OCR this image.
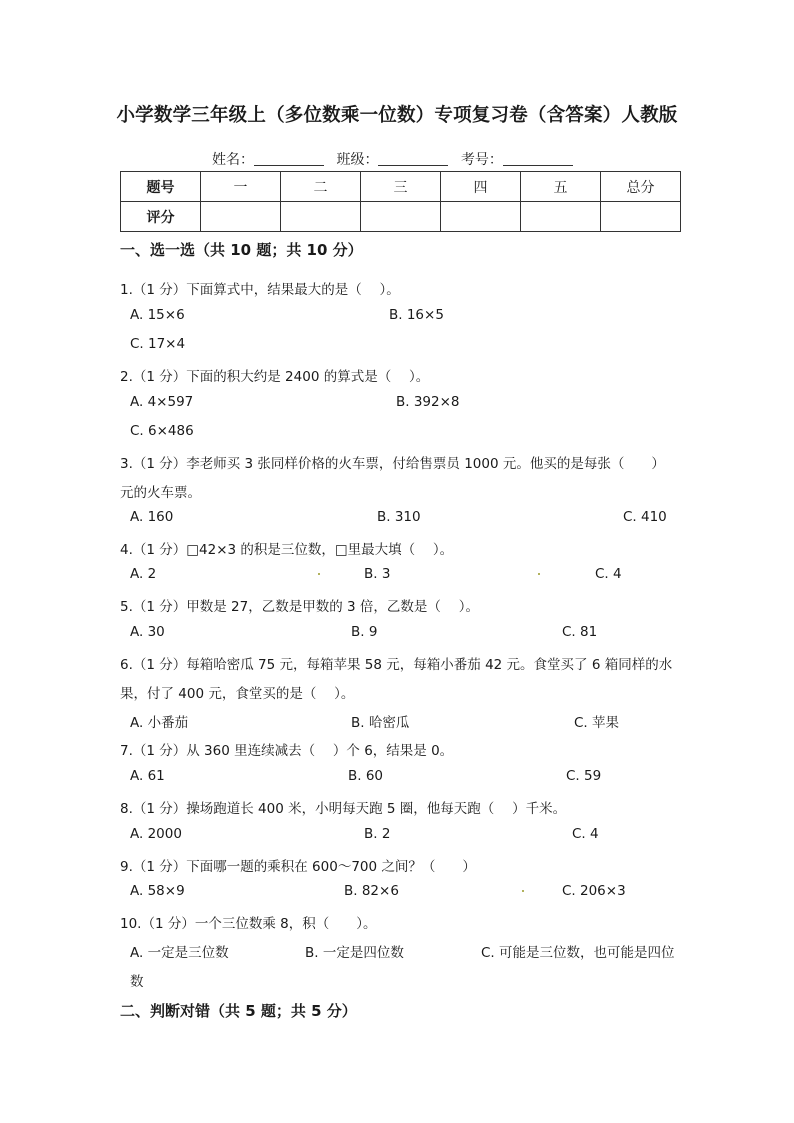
小学数学三年级上（多位数乘一位数）专项复习卷（含答案）人教版
姓名：	班级：	考号：
题号	一	二	三	四	五	总分
评分						
一、选一选（共 10 题；共 10 分）
1.（1 分）下面算式中，结果最大的是（　 ）。
A. 15×6	B. 16×5
C. 17×4
2.（1 分）下面的积大约是 2400 的算式是（　 ）。
A. 4×597	B. 392×8
C. 6×486
3.（1 分）李老师买 3 张同样价格的火车票，付给售票员 1000 元。他买的是每张（　　）
元的火车票。
A. 160	B. 310	C. 410
4.（1 分）□42×3 的积是三位数，□里最大填（　 ）。
A. 2	B. 3	C. 4
5.（1 分）甲数是 27，乙数是甲数的 3 倍，乙数是（　 ）。
A. 30	B. 9	C. 81
6.（1 分）每箱哈密瓜 75 元，每箱苹果 58 元，每箱小番茄 42 元。食堂买了 6 箱同样的水
果，付了 400 元，食堂买的是（　 ）。
A. 小番茄	B. 哈密瓜	C. 苹果
7.（1 分）从 360 里连续减去（　 ）个 6，结果是 0。
A. 61	B. 60	C. 59
8.（1 分）操场跑道长 400 米，小明每天跑 5 圈，他每天跑（　 ）千米。
A. 2000	B. 2	C. 4
9.（1 分）下面哪一题的乘积在 600～700 之间？（　　）
A. 58×9	B. 82×6	C. 206×3
10.（1 分）一个三位数乘 8，积（　　）。
A. 一定是三位数	B. 一定是四位数	C. 可能是三位数，也可能是四位
数
二、判断对错（共 5 题；共 5 分）
